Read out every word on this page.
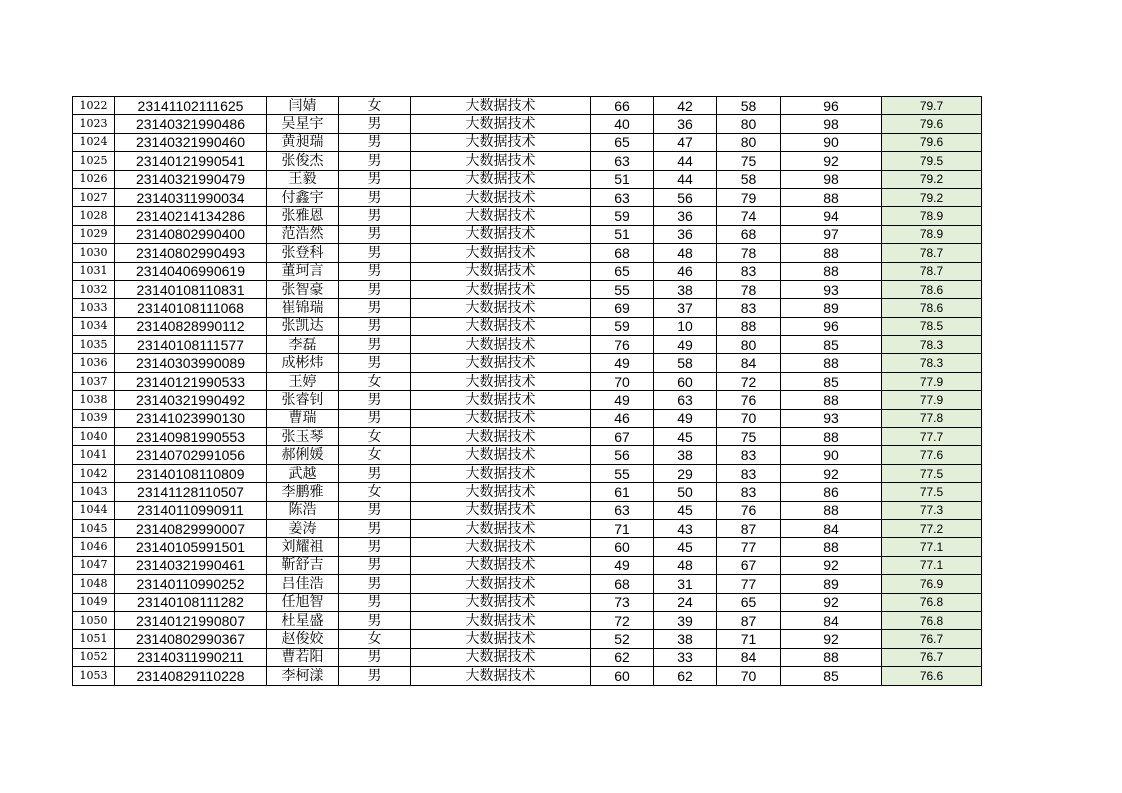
1022	23141102111625	闫婧	女	大数据技术	66	42	58	96	79.7
1023	23140321990486	吴星宇	男	大数据技术	40	36	80	98	79.6
1024	23140321990460	黄昶瑞	男	大数据技术	65	47	80	90	79.6
1025	23140121990541	张俊杰	男	大数据技术	63	44	75	92	79.5
1026	23140321990479	王毅	男	大数据技术	51	44	58	98	79.2
1027	23140311990034	付鑫宇	男	大数据技术	63	56	79	88	79.2
1028	23140214134286	张雅恩	男	大数据技术	59	36	74	94	78.9
1029	23140802990400	范浩然	男	大数据技术	51	36	68	97	78.9
1030	23140802990493	张登科	男	大数据技术	68	48	78	88	78.7
1031	23140406990619	董珂言	男	大数据技术	65	46	83	88	78.7
1032	23140108110831	张智豪	男	大数据技术	55	38	78	93	78.6
1033	23140108111068	崔锦瑞	男	大数据技术	69	37	83	89	78.6
1034	23140828990112	张凯达	男	大数据技术	59	10	88	96	78.5
1035	23140108111577	李磊	男	大数据技术	76	49	80	85	78.3
1036	23140303990089	成彬炜	男	大数据技术	49	58	84	88	78.3
1037	23140121990533	王婷	女	大数据技术	70	60	72	85	77.9
1038	23140321990492	张睿钊	男	大数据技术	49	63	76	88	77.9
1039	23141023990130	曹瑞	男	大数据技术	46	49	70	93	77.8
1040	23140981990553	张玉琴	女	大数据技术	67	45	75	88	77.7
1041	23140702991056	郝俐媛	女	大数据技术	56	38	83	90	77.6
1042	23140108110809	武越	男	大数据技术	55	29	83	92	77.5
1043	23141128110507	李鹏雅	女	大数据技术	61	50	83	86	77.5
1044	23140110990911	陈浩	男	大数据技术	63	45	76	88	77.3
1045	23140829990007	姜涛	男	大数据技术	71	43	87	84	77.2
1046	23140105991501	刘耀祖	男	大数据技术	60	45	77	88	77.1
1047	23140321990461	靳舒吉	男	大数据技术	49	48	67	92	77.1
1048	23140110990252	吕佳浩	男	大数据技术	68	31	77	89	76.9
1049	23140108111282	任旭智	男	大数据技术	73	24	65	92	76.8
1050	23140121990807	杜星盛	男	大数据技术	72	39	87	84	76.8
1051	23140802990367	赵俊姣	女	大数据技术	52	38	71	92	76.7
1052	23140311990211	曹若阳	男	大数据技术	62	33	84	88	76.7
1053	23140829110228	李柯漾	男	大数据技术	60	62	70	85	76.6
